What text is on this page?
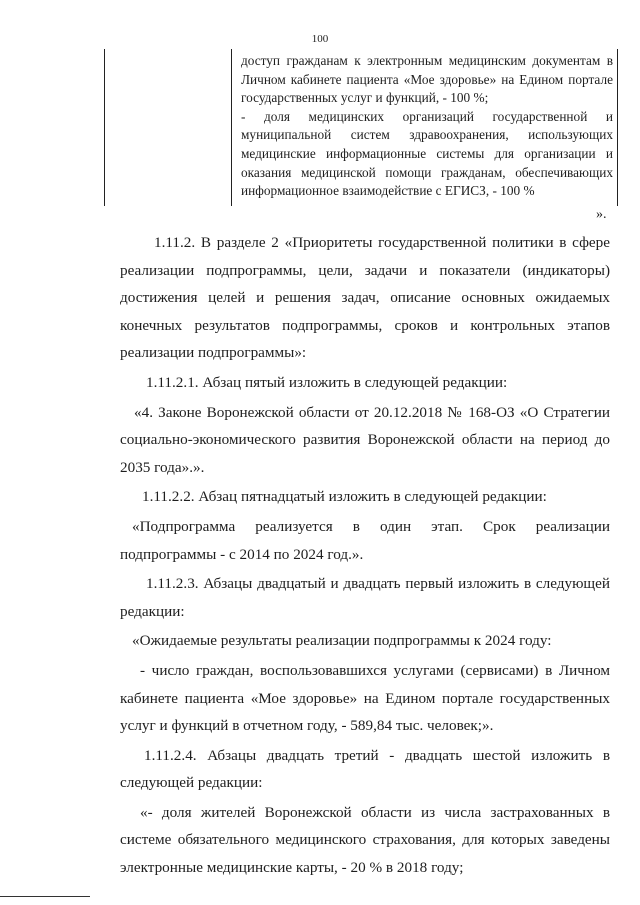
100

доступ гражданам к электронным медицинским документам в Личном кабинете пациента «Мое здоровье» на Едином портале государственных услуг и функций, - 100 %;

- доля медицинских организаций государственной и муниципальной систем здравоохранения, использующих медицинские информационные системы для организации и оказания медицинской помощи гражданам, обеспечивающих информационное взаимодействие с ЕГИСЗ, - 100 %

».

1.11.2. В разделе 2 «Приоритеты государственной политики в сфере реализации подпрограммы, цели, задачи и показатели (индикаторы) достижения целей и решения задач, описание основных ожидаемых конечных результатов подпрограммы, сроков и контрольных этапов реализации подпрограммы»:

1.11.2.1. Абзац пятый изложить в следующей редакции:

«4. Законе Воронежской области от 20.12.2018 № 168-ОЗ «О Стратегии социально-экономического развития Воронежской области на период до 2035 года».».

1.11.2.2. Абзац пятнадцатый изложить в следующей редакции:

«Подпрограмма реализуется в один этап. Срок реализации подпрограммы - с 2014 по 2024 год.».

1.11.2.3. Абзацы двадцатый и двадцать первый изложить в следующей редакции:

«Ожидаемые результаты реализации подпрограммы к 2024 году:

- число граждан, воспользовавшихся услугами (сервисами) в Личном кабинете пациента «Мое здоровье» на Едином портале государственных услуг и функций в отчетном году, - 589,84 тыс. человек;».

1.11.2.4. Абзацы двадцать третий - двадцать шестой изложить в следующей редакции:

«- доля жителей Воронежской области из числа застрахованных в системе обязательного медицинского страхования, для которых заведены электронные медицинские карты, - 20 % в 2018 году;
